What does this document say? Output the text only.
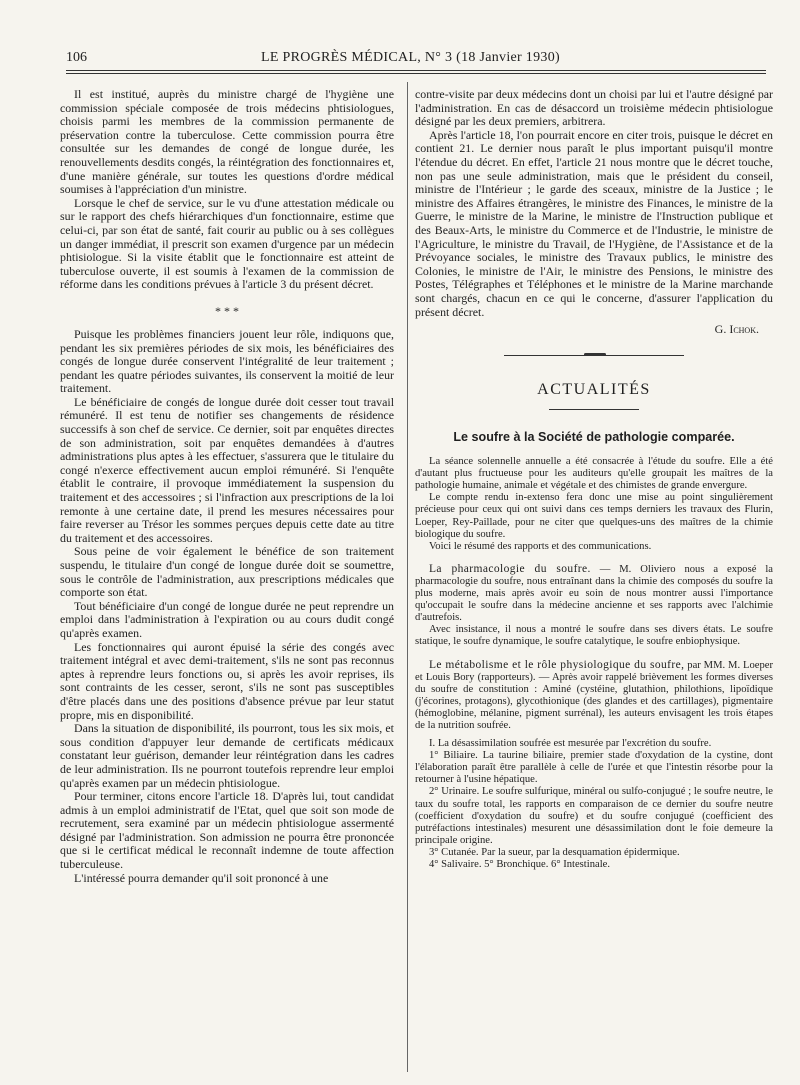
106	LE PROGRÈS MÉDICAL, N° 3 (18 Janvier 1930)

Il est institué, auprès du ministre chargé de l'hygiène une commission spéciale composée de trois médecins phtisiologues, choisis parmi les membres de la commission permanente de préservation contre la tuberculose. Cette commission pourra être consultée sur les demandes de congé de longue durée, les renouvellements desdits congés, la réintégration des fonctionnaires et, d'une manière générale, sur toutes les questions d'ordre médical soumises à l'appréciation d'un ministre.

Lorsque le chef de service, sur le vu d'une attestation médicale ou sur le rapport des chefs hiérarchiques d'un fonctionnaire, estime que celui-ci, par son état de santé, fait courir au public ou à ses collègues un danger immédiat, il prescrit son examen d'urgence par un médecin phtisiologue. Si la visite établit que le fonctionnaire est atteint de tuberculose ouverte, il est soumis à l'examen de la commission de réforme dans les conditions prévues à l'article 3 du présent décret.

* * *

Puisque les problèmes financiers jouent leur rôle, indiquons que, pendant les six premières périodes de six mois, les bénéficiaires des congés de longue durée conservent l'intégralité de leur traitement ; pendant les quatre périodes suivantes, ils conservent la moitié de leur traitement.

Le bénéficiaire de congés de longue durée doit cesser tout travail rémunéré. Il est tenu de notifier ses changements de résidence successifs à son chef de service. Ce dernier, soit par enquêtes directes de son administration, soit par enquêtes demandées à d'autres administrations plus aptes à les effectuer, s'assurera que le titulaire du congé n'exerce effectivement aucun emploi rémunéré. Si l'enquête établit le contraire, il provoque immédiatement la suspension du traitement et des accessoires ; si l'infraction aux prescriptions de la loi remonte à une certaine date, il prend les mesures nécessaires pour faire reverser au Trésor les sommes perçues depuis cette date au titre du traitement et des accessoires.

Sous peine de voir également le bénéfice de son traitement suspendu, le titulaire d'un congé de longue durée doit se soumettre, sous le contrôle de l'administration, aux prescriptions médicales que comporte son état.

Tout bénéficiaire d'un congé de longue durée ne peut reprendre un emploi dans l'administration à l'expiration ou au cours dudit congé qu'après examen.

Les fonctionnaires qui auront épuisé la série des congés avec traitement intégral et avec demi-traitement, s'ils ne sont pas reconnus aptes à reprendre leurs fonctions ou, si après les avoir reprises, ils sont contraints de les cesser, seront, s'ils ne sont pas susceptibles d'être placés dans une des positions d'absence prévue par leur statut propre, mis en disponibilité.

Dans la situation de disponibilité, ils pourront, tous les six mois, et sous condition d'appuyer leur demande de certificats médicaux constatant leur guérison, demander leur réintégration dans les cadres de leur administration. Ils ne pourront toutefois reprendre leur emploi qu'après examen par un médecin phtisiologue.

Pour terminer, citons encore l'article 18. D'après lui, tout candidat admis à un emploi administratif de l'Etat, quel que soit son mode de recrutement, sera examiné par un médecin phtisiologue assermenté désigné par l'administration. Son admission ne pourra être prononcée que si le certificat médical le reconnaît indemne de toute affection tuberculeuse.

L'intéressé pourra demander qu'il soit prononcé à une

contre-visite par deux médecins dont un choisi par lui et l'autre désigné par l'administration. En cas de désaccord un troisième médecin phtisiologue désigné par les deux premiers, arbitrera.

Après l'article 18, l'on pourrait encore en citer trois, puisque le décret en contient 21. Le dernier nous paraît le plus important puisqu'il montre l'étendue du décret. En effet, l'article 21 nous montre que le décret touche, non pas une seule administration, mais que le président du conseil, ministre de l'Intérieur ; le garde des sceaux, ministre de la Justice ; le ministre des Affaires étrangères, le ministre des Finances, le ministre de la Guerre, le ministre de la Marine, le ministre de l'Instruction publique et des Beaux-Arts, le ministre du Commerce et de l'Industrie, le ministre de l'Agriculture, le ministre du Travail, de l'Hygiène, de l'Assistance et de la Prévoyance sociales, le ministre des Travaux publics, le ministre des Colonies, le ministre de l'Air, le ministre des Pensions, le ministre des Postes, Télégraphes et Téléphones et le ministre de la Marine marchande sont chargés, chacun en ce qui le concerne, d'assurer l'application du présent décret.

G. Ichok.
ACTUALITÉS
Le soufre à la Société de pathologie comparée.

La séance solennelle annuelle a été consacrée à l'étude du soufre. Elle a été d'autant plus fructueuse pour les auditeurs qu'elle groupait les maîtres de la pathologie humaine, animale et végétale et des chimistes de grande envergure.

Le compte rendu in-extenso fera donc une mise au point singulièrement précieuse pour ceux qui ont suivi dans ces temps derniers les travaux des Flurin, Loeper, Rey-Paillade, pour ne citer que quelques-uns des maîtres de la chimie biologique du soufre.

Voici le résumé des rapports et des communications.

La pharmacologie du soufre. — M. Oliviero nous a exposé la pharmacologie du soufre, nous entraînant dans la chimie des composés du soufre la plus moderne, mais après avoir eu soin de nous montrer aussi l'importance qu'occupait le soufre dans la médecine ancienne et ses rapports avec l'alchimie d'autrefois.

Avec insistance, il nous a montré le soufre dans ses divers états. Le soufre statique, le soufre dynamique, le soufre catalytique, le soufre enbiophysique.

Le métabolisme et le rôle physiologique du soufre, par MM. M. Loeper et Louis Bory (rapporteurs). — Après avoir rappelé brièvement les formes diverses du soufre de constitution : Aminé (cystéine, glutathion, philothions, lipoïdique (j'écorines, protagons), glycothionique (des glandes et des cartillages), pigmentaire (hémoglobine, mélanine, pigment surrénal), les auteurs envisagent les trois étapes de la nutrition soufrée.

I. La désassimilation soufrée est mesurée par l'excrétion du soufre.

1° Biliaire. La taurine biliaire, premier stade d'oxydation de la cystine, dont l'élaboration paraît être parallèle à celle de l'urée et que l'intestin résorbe pour la retourner à l'usine hépatique.

2° Urinaire. Le soufre sulfurique, minéral ou sulfo-conjugué ; le soufre neutre, le taux du soufre total, les rapports en comparaison de ce dernier du soufre neutre (coefficient d'oxydation du soufre) et du soufre conjugué (coefficient des putréfactions intestinales) mesurent une désassimilation dont le foie demeure la principale origine.

3° Cutanée. Par la sueur, par la desquamation épidermique.

4° Salivaire. 5° Bronchique. 6° Intestinale.
